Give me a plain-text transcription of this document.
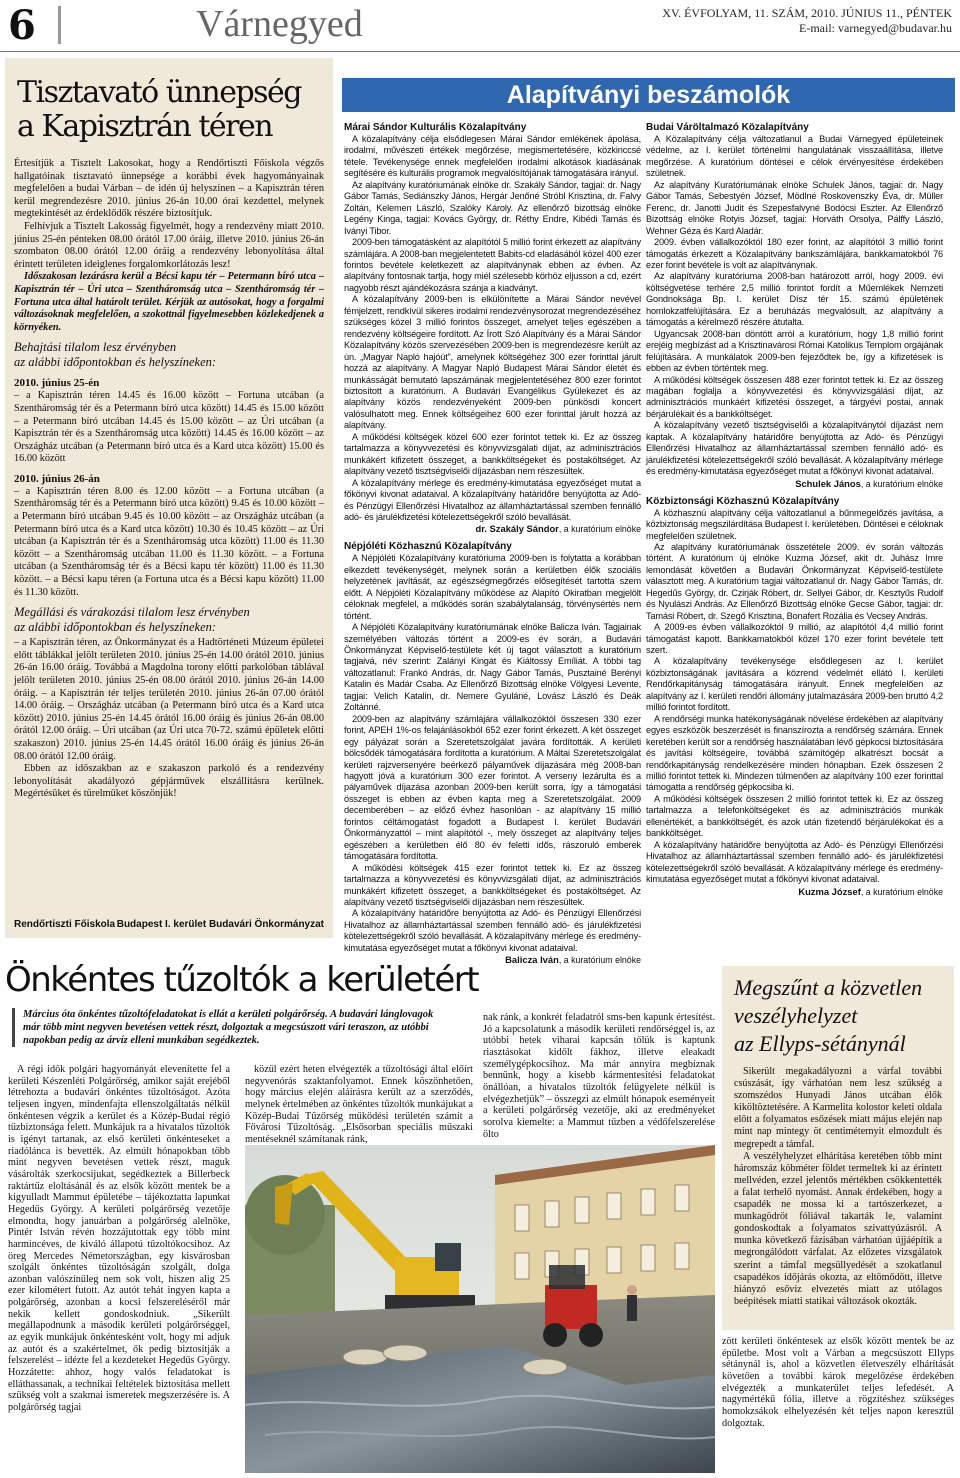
6	Várnegyed	XV. ÉVFOLYAM, 11. SZÁM, 2010. JÚNIUS 11., PÉNTEK
E-mail: varnegyed@budavar.hu
Tisztavató ünnepség
a Kapisztrán téren

Értesítjük a Tisztelt Lakosokat, hogy a Rendőrtiszti Főiskola végzős hallgatóinak tisztavató ünnepsége a korábbi évek hagyományainak megfelelően a budai Várban – de idén új helyszínen – a Kapisztrán téren kerül megrendezésre 2010. június 26-án 10.00 órai kezdettel, melynek megtekintését az érdeklődők részére biztosítjuk.

Felhívjuk a Tisztelt Lakosság figyelmét, hogy a rendezvény miatt 2010. június 25-én pénteken 08.00 órától 17.00 óráig, illetve 2010. június 26-án szombaton 08.00 órától 12.00 óráig a rendezvény lebonyolítása által érintett területen ideiglenes forgalomkorlátozás lesz!

Időszakosan lezárásra kerül a Bécsi kapu tér – Petermann bíró utca – Kapisztrán tér – Úri utca – Szentháromság utca – Szentháromság tér – Fortuna utca által határolt terület. Kérjük az autósokat, hogy a forgalmi változásoknak megfelelően, a szokottnál figyelmesebben közlekedjenek a környéken.

Behajtási tilalom lesz érvényben
az alábbi időpontokban és helyszíneken:
2010. június 25-én

– a Kapisztrán téren 14.45 és 16.00 között – Fortuna utcában (a Szentháromság tér és a Petermann bíró utca között) 14.45 és 15.00 között – a Petermann bíró utcában 14.45 és 15.00 között – az Úri utcában (a Kapisztrán tér és a Szentháromság utca között) 14.45 és 16.00 között – az Országház utcában (a Petermann bíró utca és a Kard utca között) 15.00 és 16.00 között

2010. június 26-án

– a Kapisztrán téren 8.00 és 12.00 között – a Fortuna utcában (a Szentháromság tér és a Petermann bíró utca között) 9.45 és 10.00 között – a Petermann bíró utcában 9.45 és 10.00 között – az Országház utcában (a Petermann bíró utca és a Kard utca között) 10.30 és 10.45 között – az Úri utcában (a Kapisztrán tér és a Szentháromság utca között) 11.00 és 11.30 között – a Szentháromság utcában 11.00 és 11.30 között. – a Fortuna utcában (a Szentháromság tér és a Bécsi kapu tér között) 11.00 és 11.30 között. – a Bécsi kapu téren (a Fortuna utca és a Bécsi kapu között) 11.00 és 11.30 között.

Megállási és várakozási tilalom lesz érvényben
az alábbi időpontokban és helyszíneken:

– a Kapisztrán téren, az Önkormányzat és a Hadtörténeti Múzeum épületei előtt táblákkal jelölt területen 2010. június 25-én 14.00 órától 2010. június 26-án 16.00 óráig. Továbbá a Magdolna torony előtti parkolóban táblával jelölt területen 2010. június 25-én 08.00 órától 2010. június 26-án 14.00 óráig. – a Kapisztrán tér teljes területén 2010. június 26-án 07.00 órától 14.00 óráig. – Országház utcában (a Petermann bíró utca és a Kard utca között) 2010. június 25-én 14.45 órától 16.00 óráig és június 26-án 08.00 órától 12.00 óráig. – Úri utcában (az Úri utca 70-72. számú épületek előtti szakaszon) 2010. június 25-én 14.45 órától 16.00 óráig és június 26-án 08.00 órától 12.00 óráig.

Ebben az időszakban az e szakaszon parkoló és a rendezvény lebonyolítását akadályozó gépjárművek elszállításra kerülnek. Megértésüket és türelmüket köszönjük!

Rendőrtiszti Főiskola Budapest I. kerület Budavári Önkormányzat
Alapítványi beszámolók
Márai Sándor Kulturális Közalapítvány

A közalapítvány célja elsődlegesen Márai Sándor emlékének ápolása, irodalmi, művészeti értékek megőrzése, megismertetésére, közkinccsé tétele. Tevékenysége ennek megfelelően irodalmi alkotások kiadásának segítésére és kulturális programok megvalósítójának támogatására irányul.

Az alapítvány kuratóriumának elnöke dr. Szakály Sándor, tagjai: dr. Nagy Gábor Tamás, Sediánszky János, Hergár Jenőné Stróbl Krisztina, dr. Falvy Zoltán, Kelemen László, Szalóky Károly. Az ellenőrző bizottság elnöke Legény Kinga, tagjai: Kovács György, dr. Réthy Endre, Kibédi Tamás és Iványi Tibor.

2009-ben támogatásként az alapítótól 5 millió forint érkezett az alapítvány számlájára. A 2008-ban megjelentetett Babits-cd eladásából közel 400 ezer forintos bevétele keletkezett az alapítványnak ebben az évben. Az alapítvány fontosnak tartja, hogy miél szélesebb körhöz eljusson a cd, ezért nagyobb részt ajándékozásra szánja a kiadványt.

A közalapítvány 2009-ben is elkülönítette a Márai Sándor nevével fémjelzett, rendkívül sikeres irodalmi rendezvénysorozat megrendezéséhez szükséges közel 3 millió forintos összeget, amelyet teljes egészében a rendezvény költségeire fordított. Az Írott Szó Alapítvány és a Márai Sándor Közalapítvány közös szervezésében 2009-ben is megrendezésre került az ún. „Magyar Napló hajóút”, amelynek költségéhez 300 ezer forinttal járult hozzá az alapítvány. A Magyar Napló Budapest Márai Sándor életét és munkásságát bemutató lapszámának megjelentetéséhez 800 ezer forintot biztosított a kuratórium. A Budavári Evangélikus Gyülekezet és az alapítvány közös rendezvényeként 2009-ben pünkösdi koncert valósulhatott meg. Ennek költségeihez 600 ezer forinttal járult hozzá az alapítvány.

A működési költségek közel 600 ezer forintot tettek ki. Ez az összeg tartalmazza a könyvvezetési és könyvvizsgálati díjat, az adminisztrációs munkákért kifizetett összeget, a bankköltségeket és postaköltséget. Az alapítvány vezető tisztségviselői díjazásban nem részesültek.

A közalapítvány mérlege és eredmény-kimutatása egyezőséget mutat a főkönyvi kivonat adataival. A közalapítvány határidőre benyújtotta az Adó- és Pénzügyi Ellenőrzési Hivatalhoz az államháztartással szemben fennálló adó- és járulékfizetési kötelezettségekről szóló bevallását.

dr. Szakály Sándor, a kuratórium elnöke
Népjóléti Közhasznú Közalapítvány

A Népjóléti Közalapítvány kuratóriuma 2009-ben is folytatta a korábban elkezdett tevékenységét, melynek során a kerületben élők szociális helyzetének javítását, az egészségmegőrzés elősegítését tartotta szem előtt. A Népjóléti Közalapítvány működése az Alapító Okiratban megjelölt céloknak megfelel, a működés során szabálytalanság, törvénysértés nem történt.

A Népjóléti Közalapítvány kuratóriumának elnöke Balicza Iván. Tagjainak személyében változás történt a 2009-es év során, a Budavári Önkormányzat Képviselő-testülete két új tagot választott a kuratórium tagjaivá, név szerint: Zalányi Kingát és Kiáltossy Emíliát. A többi tag változatlanul: Frankó András, dr. Nagy Gábor Tamás, Pusztainé Berényi Katalin és Madár Csaba. Az Ellenőrző Bizottság elnöke Völgyesi Levente, tagjai: Velich Katalin, dr. Nemere Gyuláné, Lovász László és Deák Zoltánné.

2009-ben az alapítvány számlájára vállalkozóktól összesen 330 ezer forint, APEH 1%-os felajánlásokból 652 ezer forint érkezett. A két összeget egy pályázat során a Szeretetszolgálat javára fordították. A kerületi bölcsődék támogatására fordította a kuratórium. A Máltai Szeretetszolgálat kerületi rajzversenyére beérkező pályaművek díjazására még 2008-ban hagyott jóvá a kuratórium 300 ezer forintot. A verseny lezárulta és a pályaművek díjazása azonban 2009-ben került sorra, így a támogatási összeget is ebben az évben kapta meg a Szeretetszolgálat. 2009 decemberében – az előző évhez hasonlóan - az alapítvány 15 millió forintos céltámogatást fogadott a Budapest I. kerület Budavári Önkormányzattól – mint alapítótól -, mely összeget az alapítvány teljes egészében a kerületben élő 80 év feletti idős, rászoruló emberek támogatására fordította.

A működési költségek 415 ezer forintot tettek ki. Ez az összeg tartalmazza a könyvvezetési és könyvvizsgálati díjat, az adminisztrációs munkákért kifizetett összeget, a bankköltségeket és postaköltséget. Az alapítvány vezető tisztségviselői díjazásban nem részesültek.

A közalapítvány határidőre benyújtotta az Adó- és Pénzügyi Ellenőrzési Hivatalhoz az államháztartással szemben fennálló adó- és járulékfizetési kötelezettségekről szóló bevallását. A közalapítvány mérlege és eredmény-kimutatása egyezőséget mutat a főkönyvi kivonat adataival.

Balicza Iván, a kuratórium elnöke
Budai Váröltalmazó Közalapítvány

A Közalapítvány célja változatlanul a Budai Várnegyed épületeinek védelme, az I. kerület történelmi hangulatának visszaállítása, illetve megőrzése. A kuratórium döntései e célok érvényesítése érdekében születnek.

Az alapítvány Kuratóriumának elnöke Schulek János, tagjai: dr. Nagy Gábor Tamás, Sebestyén József, Mödlné Roskovenszky Éva, dr. Müller Ferenc, dr. Janotti Judit és Szepesfalvyné Bodócsi Eszter. Az Ellenőrző Bizottság elnöke Rotyis József, tagjai: Horváth Orsolya, Pálffy László, Wehner Géza és Kard Aladár.

2009. évben vállalkozóktól 180 ezer forint, az alapítótól 3 millió forint támogatás érkezett a Közalapítvány bankszámlájára, bankkamatokból 76 ezer forint bevétele is volt az alapítványnak.

Az alapítvány kuratóriuma 2008-ban határozott arról, hogy 2009. évi költségvetése terhére 2,5 millió forintot fordít a Műemlékek Nemzeti Gondnoksága Bp. I. kerület Dísz tér 15. számú épületének homlokzatfelújítására. Ez a beruházás megvalósult, az alapítvány a támogatás a kérelmező részére átutalta.

Ugyancsak 2008-ban döntött arról a kuratórium, hogy 1,8 millió forint erejéig megbízást ad a Krisztinavárosi Római Katolikus Templom orgájának felújítására. A munkálatok 2009-ben fejeződtek be, így a kifizetések is ebben az évben történtek meg.

A működési költségek összesen 488 ezer forintot tettek ki. Ez az összeg magában foglalja a könyvvezetési és könyvvizsgálási díjat, az adminisztrációs munkáért kifizetési összeget, a tárgyévi postai, annak bérjárulékait és a bankköltséget.

A közalapítvány vezető tisztségviselői a közalapítványtól díjazást nem kaptak. A közalapítvány határidőre benyújtotta az Adó- és Pénzügyi Ellenőrzési Hivatalhoz az államháztartással szemben fennálló adó- és járulékfizetési kötelezettségekről szóló bevallását. A közalapítvány mérlege és eredmény-kimutatása egyezőséget mutat a főkönyvi kivonat adataival.

Schulek János, a kuratórium elnöke
Közbiztonsági Közhasznú Közalapítvány

A közhasznú alapítvány célja változatlanul a bűnmegelőzés javítása, a közbiztonság megszilárdítása Budapest I. kerületében. Döntései e céloknak megfelelően születnek.

Az alapítvány kuratóriumának összetétele 2009. év során változás történt. A kuratórium új elnöke Kuzma József, akit dr. Juhász Imre lemondását követően a Budavári Önkormányzat Képviselő-testülete választott meg. A kuratórium tagjai változatlanul dr. Nagy Gábor Tamás, dr. Hegedűs György, dr. Czirják Róbert, dr. Sellyei Gábor, dr. Kesztyűs Rudolf és Nyulászi András. Az Ellenőrző Bizottság elnöke Gecse Gábor, tagjai: dr. Tamási Róbert, dr. Szegő Krisztina, Bonafert Rozália és Vecsey András.

A 2009-es évben vállalkozóktól 9 millió, az alapítótól 4,4 millió forint támogatást kapott. Bankkamatokból közel 170 ezer forint bevétele tett szert.

A közalapítvány tevékenysége elsődlegesen az I. kerület közbiztonságának javítására a közrend védelmét ellátó I. kerületi Rendőrkapitányság támogatására irányult. Ennek megfelelően az alapítvány az I. kerületi rendőri állomány jutalmazására 2009-ben bruttó 4,2 millió forintot fordított.

A rendőrségi munka hatékonyságának növelése érdekében az alapítvány egyes eszközök beszerzését is finanszírozta a rendőrség számára. Ennek keretében került sor a rendőrség használatában lévő gépkocsi biztosítására és javítási költségeire, továbbá számítógép alkatrészt bocsát a rendőrkapitányság rendelkezésére minden hónapban. Ezek összesen 2 millió forintot tettek ki. Mindezen túlmenően az alapítvány 100 ezer forinttal támogatta a rendőrség gépkocsiba ki.

A működési költségek összesen 2 millió forintot tettek ki. Ez az összeg tartalmazza a telefonköltségeket és az adminisztrációs munkák ellenértékét, a bankköltségét, és azok után fizetendő bérjárulékokat és a bankköltséget.

A közalapítvány határidőre benyújtotta az Adó- és Pénzügyi Ellenőrzési Hivatalhoz az államháztartással szemben fennálló adó- és járulékfizetési kötelezettségekről szóló bevallását. A közalapítvány mérlege és eredmény-kimutatása egyezőséget mutat a főkönyvi kivonat adataival.

Kuzma József, a kuratórium elnöke
Önkéntes tűzoltók a kerületért
Március óta önkéntes tűzoltófeladatokat is ellát a kerületi polgárőrség. A budavári lánglovagok
már több mint negyven bevetésen vettek részt, dolgoztak a megcsúszott vári teraszon, az utóbbi
napokban pedig az árvíz elleni munkában segédkeztek.

A régi idők polgári hagyományát elevenítette fel a kerületi Készenléti Polgárőrség, amikor saját erejéből létrehozta a budavári önkéntes tűzoltóságot. Azóta teljesen ingyen, mindenfajta ellenszolgáltatás nélkül önkéntesen végzik a kerület és a Közép-Budai régió tűzbiztonsága felett. Munkájuk ra a hivatalos tűzoltók is igényt tartanak, az első kerületi önkénteseket a riadólánca is bevették. Az elmúlt hónapokban több mint negyven bevetésen vettek részt, maguk vásárolták szerkocsijukat, segédkeztek a Billerbeck raktártűz eloltásánál és az elsők között mentek be a kigyulladt Mammut épületébe – tájékoztatta lapunkat Hegedűs György. A kerületi polgárőrség vezetője elmondta, hogy januárban a polgárőrség alelnöke, Pintér István révén hozzájutottak egy több mint harmincéves, de kiváló állapotú tűzoltókocsihoz. Az öreg Mercedes Németországban, egy kisvárosban szolgált önkéntes tűzoltóságán szolgált, dolga azonban valószínűleg nem sok volt, hiszen alig 25 ezer kilométert futott. Az autót tehát ingyen kapta a polgárőrség, azonban a kocsi felszereléséről már nekik kellett gondoskodniuk. „Sikerült megállapodnunk a második kerületi polgárőrséggel, az egyik munkájuk önkéntesként volt, hogy mi adjuk az autót és a szakértelmet, ők pedig biztosítják a felszerelést – idézte fel a kezdeteket Hegedűs György. Hozzátette: ahhoz, hogy valós feladatokat is elláthassanak, a technikai feltételek biztosítása mellett szükség volt a szakmai ismeretek megszerzésére is. A polgárőrség tagjai

közül ezért heten elvégezték a tűzoltósági által előírt negyvenórás szaktanfolyamot. Ennek köszönhetően, hogy március elején aláírásra került az a szerződés, melynek értelmében az önkéntes tűzoltók munkájukat a Közép-Budai Tűzőrség működési területén számít a Fővárosi Tűzoltóság. „Elsősorban speciális műszaki mentéseknél számítanak ránk,

nak ránk, a konkrét feladatról sms-ben kapunk értesítést. Jó a kapcsolatunk a második kerületi rendőrséggel is, az utóbbi hetek viharai kapcsán tőlük is kaptunk riasztásokat kidőlt fákhoz, illetve eleakadt személygépkocsihoz. Ma már annyira megbíznak bennünk, hogy a kisebb kármentesítési feladatokat önállóan, a hivatalos tűzoltók felügyelete nélkül is elvégezhetjük” – összegzi az elmúlt hónapok eseményeit a kerületi polgárőrség vezetője, aki az eredményeket sorolva kiemelte: a Mammut tűzben a védőfelszerelése ölto

zött kerületi önkéntesek az elsők között mentek be az épületbe. Most volt a Várban a megcsúszott Ellyps sétánynál is, ahol a közvetlen életveszély elhárítását követően a további károk megelőzése érdekében elvégezték a munkaterület teljes lefedését. A nagymértékű fólia, illetve a rögzítéshez szükséges homokzsákok elhelyezésén két teljes napon keresztül dolgoztak.

Megszűnt a közvetlen
veszélyhelyzet
az Ellyps-sétánynál

Sikerült megakadályozni a várfal további csúszását, így várhatóan nem lesz szükség a szomszédos Hunyadi János utcában élők kiköltöztetésére. A Karmelita kolostor keleti oldala előtt a folyamatos esőzések miatt május elején nap mint nap mintegy öt centiméternyit elmozdult és megrepedt a támfal.

A veszélyhelyzet elhárítása keretében több mint háromszáz köbméter földet termeltek ki az érintett mellvéden, ezzel jelentős mértékben csökkentették a falat terhelő nyomást. Annak érdekében, hogy a csapadék ne mossa ki a tartószerkezet, a munkagödröt fóliával takarták le, valamint gondoskodtak a folyamatos szivattyúzásról. A munka következő fázisában várhatóan újjáépítik a megrongálódott várfalat. Az előzetes vizsgálatok szerint a támfal megsüllyedését a szokatlanul csapadékos időjárás okozta, az eltömődött, illetve hiányzó esővíz elvezetés miatt az utólagos beépítések miatti statikai változások okozták.
